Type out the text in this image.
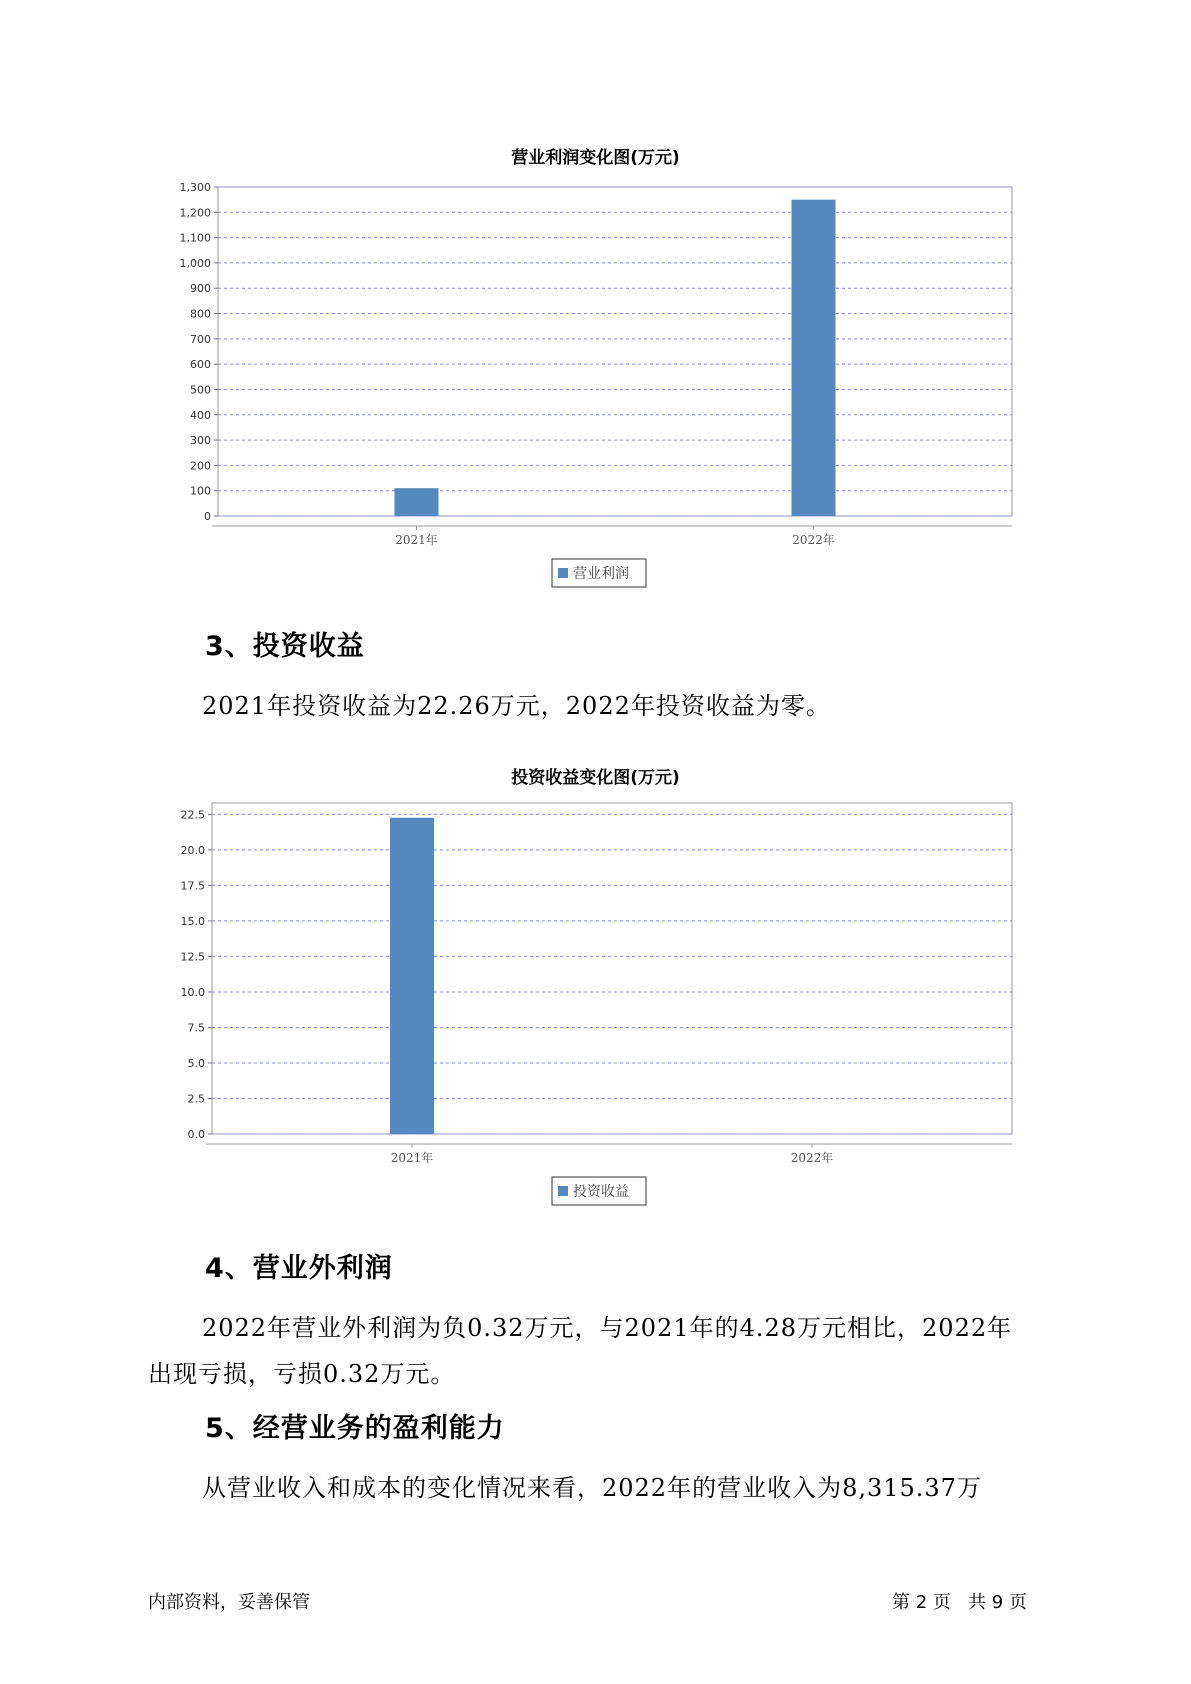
营业利润变化图(万元)
0
100
200
300
400
500
600
700
800
900
1,000
1,100
1,200
1,300
2021年	2022年
营业利润
3、投资收益
2021年投资收益为22.26万元，2022年投资收益为零。
投资收益变化图(万元)
0.0
2.5
5.0
7.5
10.0
12.5
15.0
17.5
20.0
22.5
2021年	2022年
投资收益
4、营业外利润
2022年营业外利润为负0.32万元，与2021年的4.28万元相比，2022年
出现亏损，亏损0.32万元。
5、经营业务的盈利能力
从营业收入和成本的变化情况来看，2022年的营业收入为8,315.37万
内部资料，妥善保管	第 2 页   共 9 页
